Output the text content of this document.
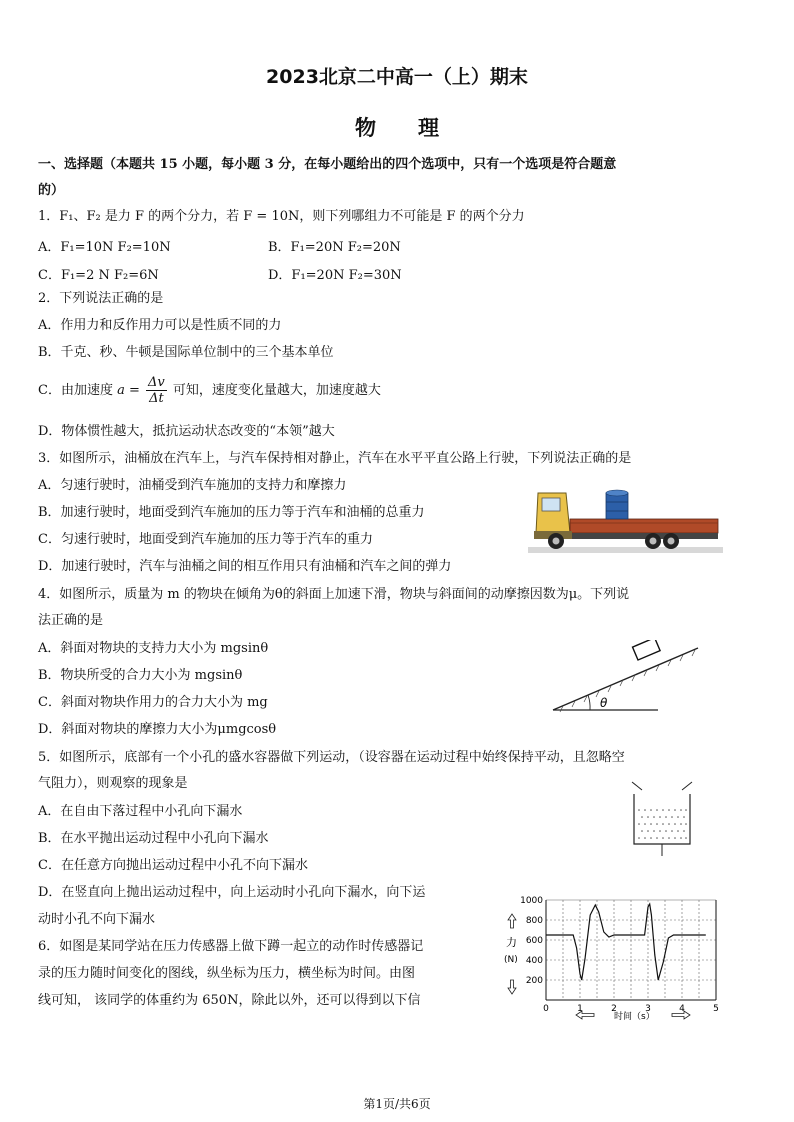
2023北京二中高一（上）期末
物　　理
一、选择题（本题共 15 小题，每小题 3 分，在每小题给出的四个选项中，只有一个选项是符合题意
的）
1．F₁、F₂ 是力 F 的两个分力，若 F = 10N，则下列哪组力不可能是 F 的两个分力
A．F₁=10N F₂=10N	B．F₁=20N F₂=20N
C．F₁=2 N F₂=6N	D．F₁=20N F₂=30N
2．下列说法正确的是
A．作用力和反作用力可以是性质不同的力
B．千克、秒、牛顿是国际单位制中的三个基本单位
C．由加速度 $a = \frac{\Delta v}{\Delta t}$ 可知，速度变化量越大，加速度越大
D．物体惯性越大，抵抗运动状态改变的“本领”越大
3．如图所示，油桶放在汽车上，与汽车保持相对静止，汽车在水平平直公路上行驶，下列说法正确的是
A．匀速行驶时，油桶受到汽车施加的支持力和摩擦力
B．加速行驶时，地面受到汽车施加的压力等于汽车和油桶的总重力
C．匀速行驶时，地面受到汽车施加的压力等于汽车的重力
D．加速行驶时，汽车与油桶之间的相互作用只有油桶和汽车之间的弹力
4．如图所示，质量为 m 的物块在倾角为θ的斜面上加速下滑，物块与斜面间的动摩擦因数为μ。下列说
法正确的是
A．斜面对物块的支持力大小为 mgsinθ
B．物块所受的合力大小为 mgsinθ
C．斜面对物块作用力的合力大小为 mg
D．斜面对物块的摩擦力大小为μmgcosθ
θ
5．如图所示，底部有一个小孔的盛水容器做下列运动，（设容器在运动过程中始终保持平动，且忽略空
气阻力），则观察的现象是
A．在自由下落过程中小孔向下漏水
B．在水平抛出运动过程中小孔向下漏水
C．在任意方向抛出运动过程中小孔不向下漏水
D．在竖直向上抛出运动过程中，向上运动时小孔向下漏水，向下运
动时小孔不向下漏水
6．如图是某同学站在压力传感器上做下蹲一起立的动作时传感器记
录的压力随时间变化的图线，纵坐标为压力，横坐标为时间。由图
线可知， 该同学的体重约为 650N，除此以外，还可以得到以下信
1000
800
600
400
200
0	1	2	3	4	5
力
(N)
时间（s）
第1页/共6页
